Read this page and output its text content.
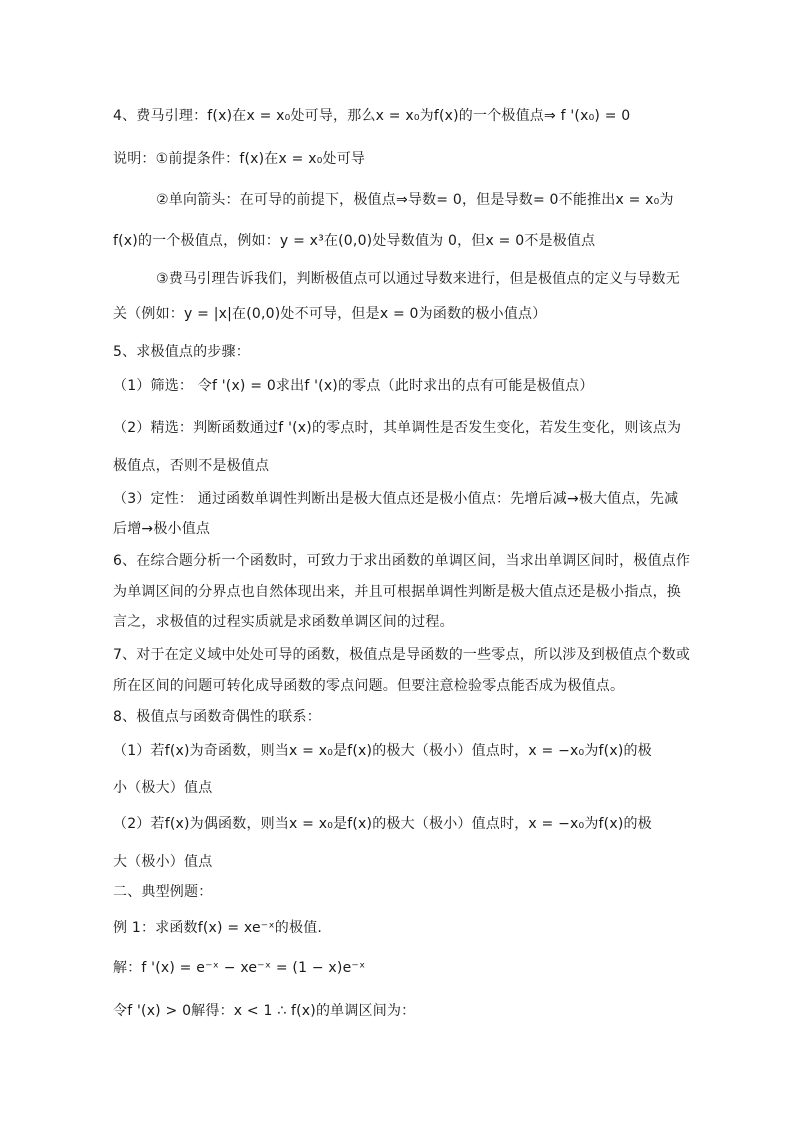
4、费马引理：f(x)在x = x₀处可导，那么x = x₀为f(x)的一个极值点⇒ f '(x₀) = 0
说明：①前提条件：f(x)在x = x₀处可导
②单向箭头：在可导的前提下，极值点⇒导数= 0，但是导数= 0不能推出x = x₀为
f(x)的一个极值点，例如：y = x³在(0,0)处导数值为 0，但x = 0不是极值点
③费马引理告诉我们，判断极值点可以通过导数来进行，但是极值点的定义与导数无
关（例如：y = |x|在(0,0)处不可导，但是x = 0为函数的极小值点）
5、求极值点的步骤：
（1）筛选： 令f '(x) = 0求出f '(x)的零点（此时求出的点有可能是极值点）
（2）精选：判断函数通过f '(x)的零点时，其单调性是否发生变化，若发生变化，则该点为
极值点，否则不是极值点
（3）定性： 通过函数单调性判断出是极大值点还是极小值点：先增后减→极大值点，先减
后增→极小值点
6、在综合题分析一个函数时，可致力于求出函数的单调区间，当求出单调区间时，极值点作
为单调区间的分界点也自然体现出来，并且可根据单调性判断是极大值点还是极小指点，换
言之，求极值的过程实质就是求函数单调区间的过程。
7、对于在定义域中处处可导的函数，极值点是导函数的一些零点，所以涉及到极值点个数或
所在区间的问题可转化成导函数的零点问题。但要注意检验零点能否成为极值点。
8、极值点与函数奇偶性的联系：
（1）若f(x)为奇函数，则当x = x₀是f(x)的极大（极小）值点时，x = −x₀为f(x)的极
小（极大）值点
（2）若f(x)为偶函数，则当x = x₀是f(x)的极大（极小）值点时，x = −x₀为f(x)的极
大（极小）值点
二、典型例题：
例 1：求函数f(x) = xe⁻ˣ的极值.
解：f '(x) = e⁻ˣ − xe⁻ˣ = (1 − x)e⁻ˣ
令f '(x) > 0解得：x < 1 ∴ f(x)的单调区间为：
